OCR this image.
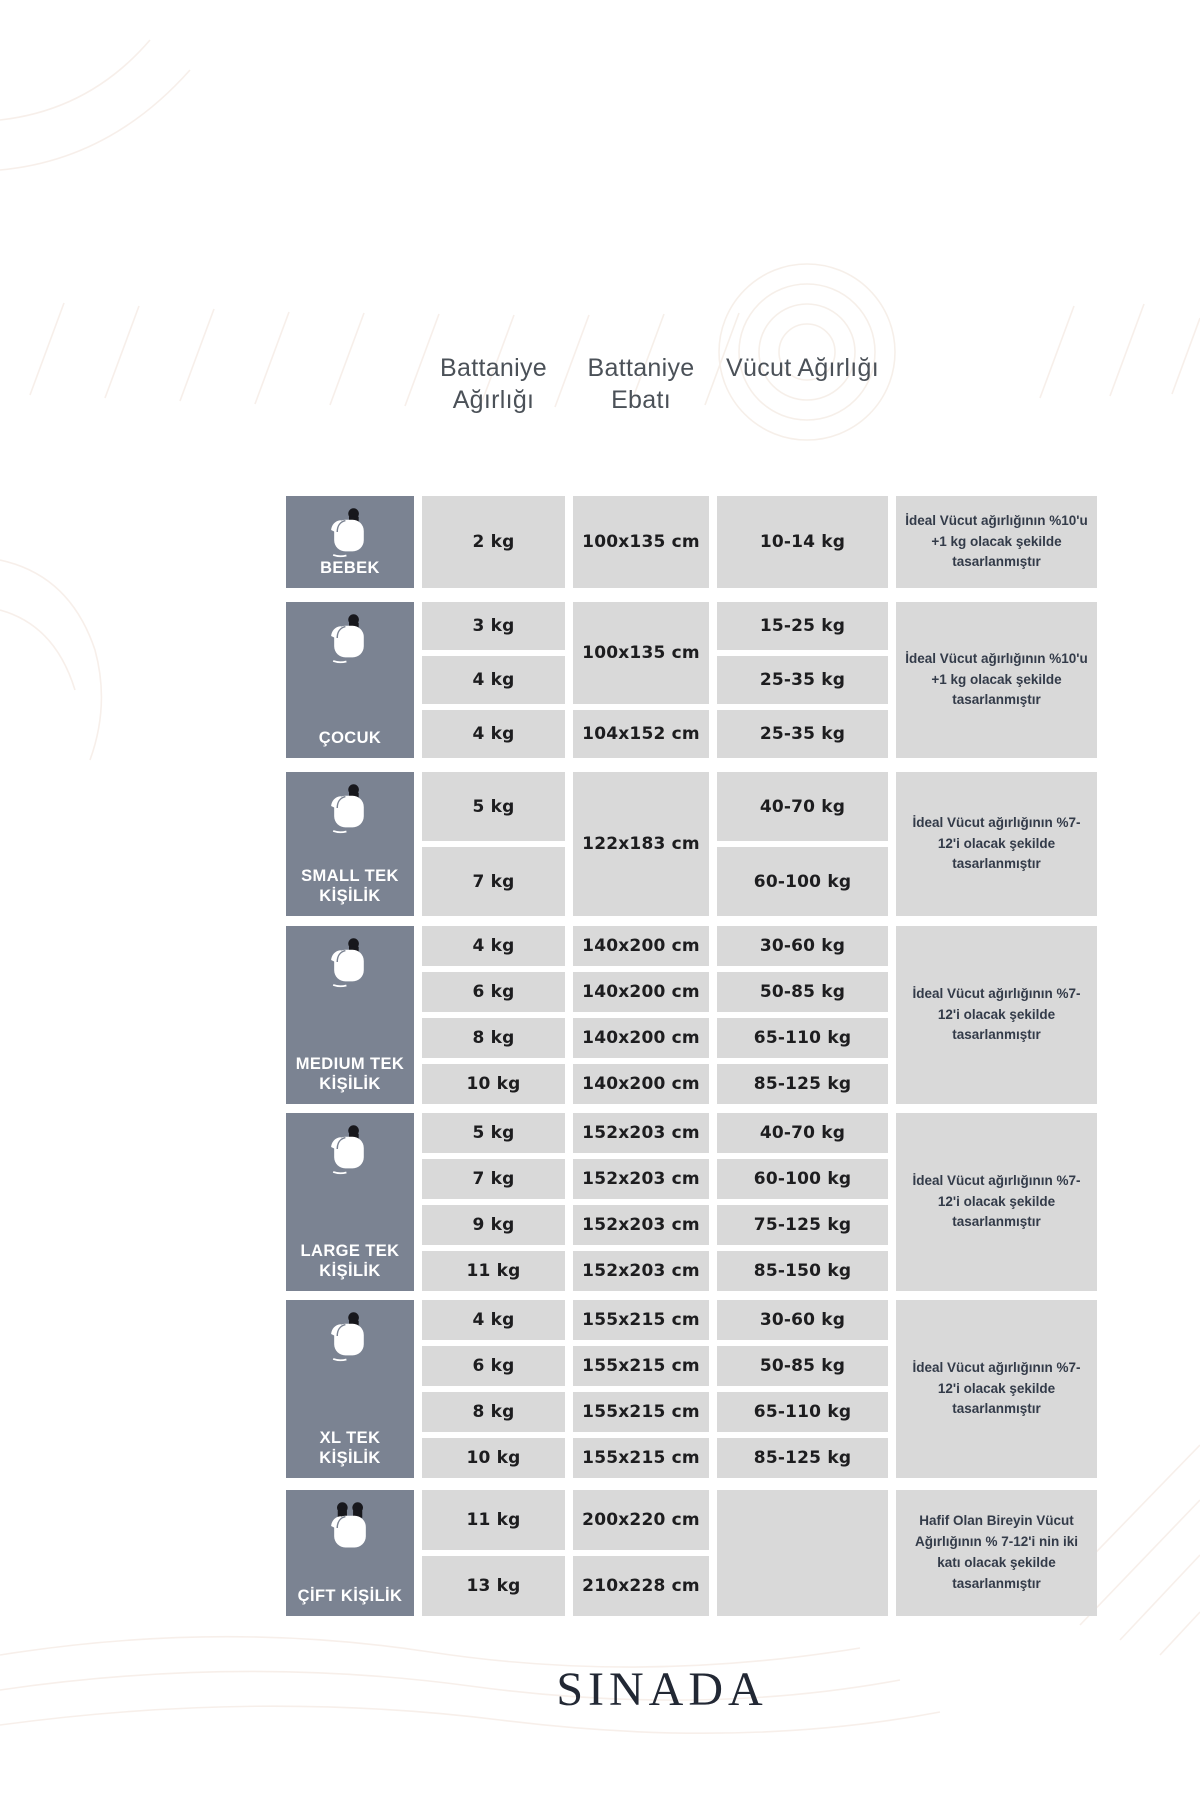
Battaniye Ağırlığı
Battaniye Ebatı
Vücut Ağırlığı
BEBEK
2 kg	100x135 cm	10-14 kg
İdeal Vücut ağırlığının %10'u +1 kg olacak şekilde tasarlanmıştır
ÇOCUK
3 kg
4 kg
4 kg
100x135 cm
104x152 cm
15-25 kg
25-35 kg
25-35 kg
İdeal Vücut ağırlığının %10'u +1 kg olacak şekilde tasarlanmıştır
SMALL TEK KİŞİLİK
5 kg
7 kg
122x183 cm
40-70 kg
60-100 kg
İdeal Vücut ağırlığının %7-12'i olacak şekilde tasarlanmıştır
MEDIUM TEK KİŞİLİK
4 kg
6 kg
8 kg
10 kg
140x200 cm
140x200 cm
140x200 cm
140x200 cm
30-60 kg
50-85 kg
65-110 kg
85-125 kg
İdeal Vücut ağırlığının %7-12'i olacak şekilde tasarlanmıştır
LARGE TEK KİŞİLİK
5 kg
7 kg
9 kg
11 kg
152x203 cm
152x203 cm
152x203 cm
152x203 cm
40-70 kg
60-100 kg
75-125 kg
85-150 kg
İdeal Vücut ağırlığının %7-12'i olacak şekilde tasarlanmıştır
XL TEK KİŞİLİK
4 kg
6 kg
8 kg
10 kg
155x215 cm
155x215 cm
155x215 cm
155x215 cm
30-60 kg
50-85 kg
65-110 kg
85-125 kg
İdeal Vücut ağırlığının %7-12'i olacak şekilde tasarlanmıştır
ÇİFT KİŞİLİK
11 kg
13 kg
200x220 cm
210x228 cm
Hafif Olan Bireyin Vücut Ağırlığının % 7-12'i nin iki katı olacak şekilde tasarlanmıştır
SINADA
